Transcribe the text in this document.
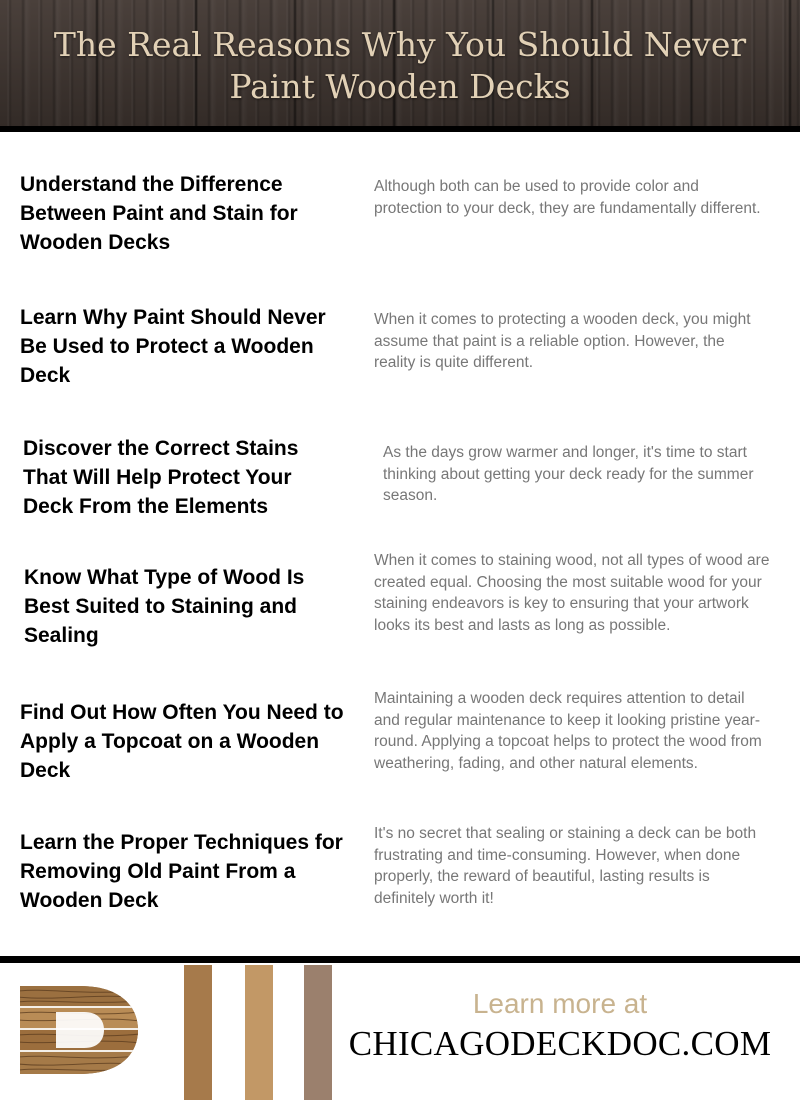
The Real Reasons Why You Should Never Paint Wooden Decks
Understand the Difference Between Paint and Stain for Wooden Decks

Although both can be used to provide color and protection to your deck, they are fundamentally different.

Learn Why Paint Should Never Be Used to Protect a Wooden Deck

When it comes to protecting a wooden deck, you might assume that paint is a reliable option. However, the reality is quite different.

Discover the Correct Stains That Will Help Protect Your Deck From the Elements

As the days grow warmer and longer, it's time to start thinking about getting your deck ready for the summer season.

Know What Type of Wood Is Best Suited to Staining and Sealing

When it comes to staining wood, not all types of wood are created equal. Choosing the most suitable wood for your staining endeavors is key to ensuring that your artwork looks its best and lasts as long as possible.

Find Out How Often You Need to Apply a Topcoat on a Wooden Deck

Maintaining a wooden deck requires attention to detail and regular maintenance to keep it looking pristine year-round. Applying a topcoat helps to protect the wood from weathering, fading, and other natural elements.

Learn the Proper Techniques for Removing Old Paint From a Wooden Deck

It's no secret that sealing or staining a deck can be both frustrating and time-consuming. However, when done properly, the reward of beautiful, lasting results is definitely worth it!

Learn more at

CHICAGODECKDOC.COM
